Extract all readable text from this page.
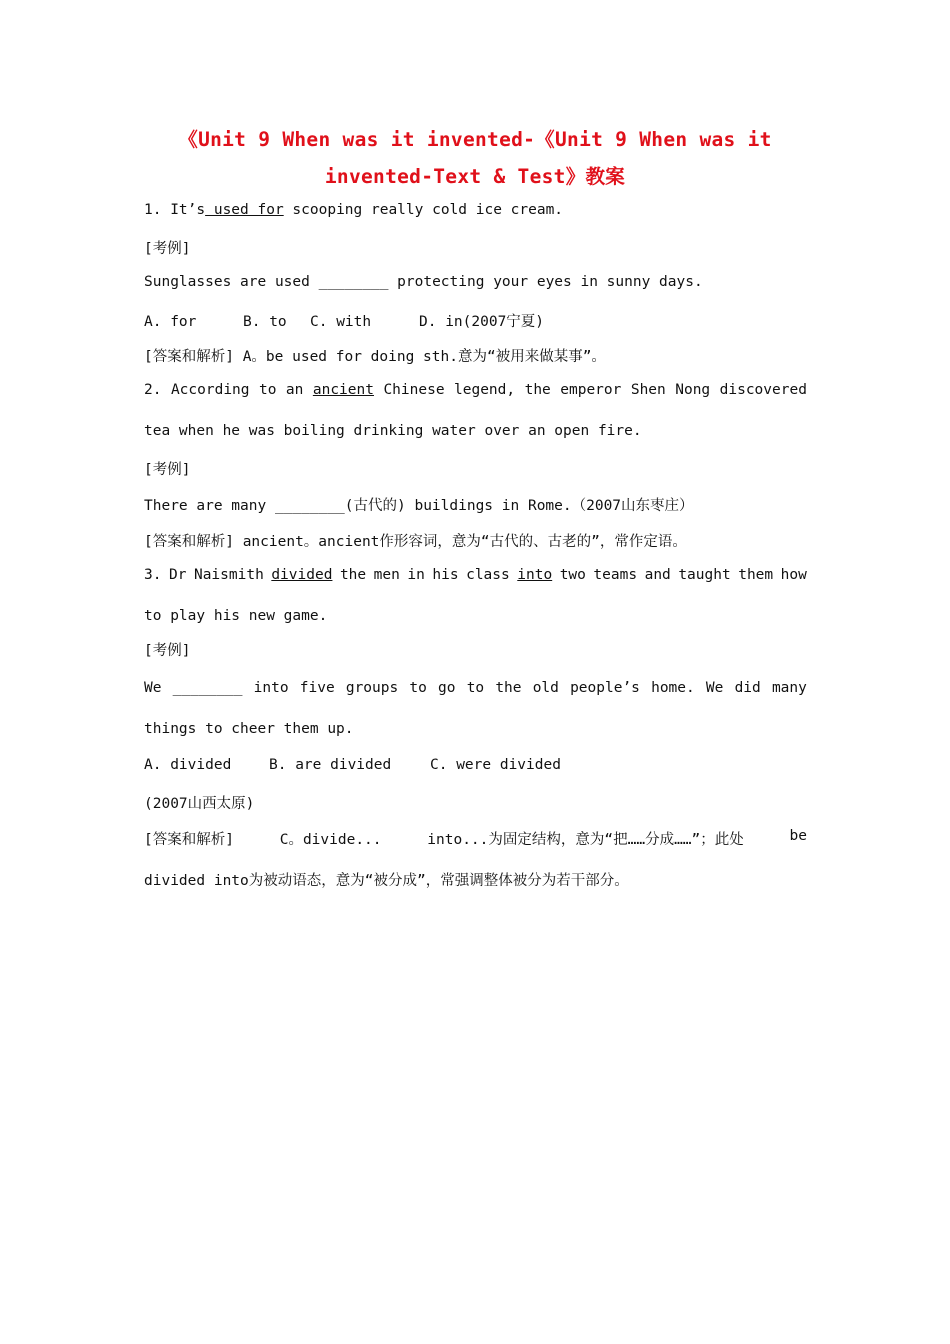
《Unit 9 When was it invented-《Unit 9 When was it
invented-Text & Test》教案
1. It’s used for scooping really cold ice cream.
[考例]
Sunglasses are used ________ protecting your eyes in sunny days.
A. for	B. to C. with	D. in(2007宁夏)
[答案和解析] A。be used for doing sth.意为“被用来做某事”。
2. According to an ancient Chinese legend, the emperor Shen Nong discovered
tea when he was boiling drinking water over an open fire.
[考例]
There are many ________(古代的) buildings in Rome.（2007山东枣庄）
[答案和解析] ancient。ancient作形容词，意为“古代的、古老的”，常作定语。
3. Dr Naismith divided the men in his class into two teams and taught them how
to play his new game.
[考例]
We ________ into five groups to go to the old people’s home. We did many
things to cheer them up.
A. divided	B. are divided	C. were divided
(2007山西太原)
[答案和解析]	C。divide...	into...为固定结构，意为“把……分成……”；此处	be
divided into为被动语态，意为“被分成”，常强调整体被分为若干部分。
